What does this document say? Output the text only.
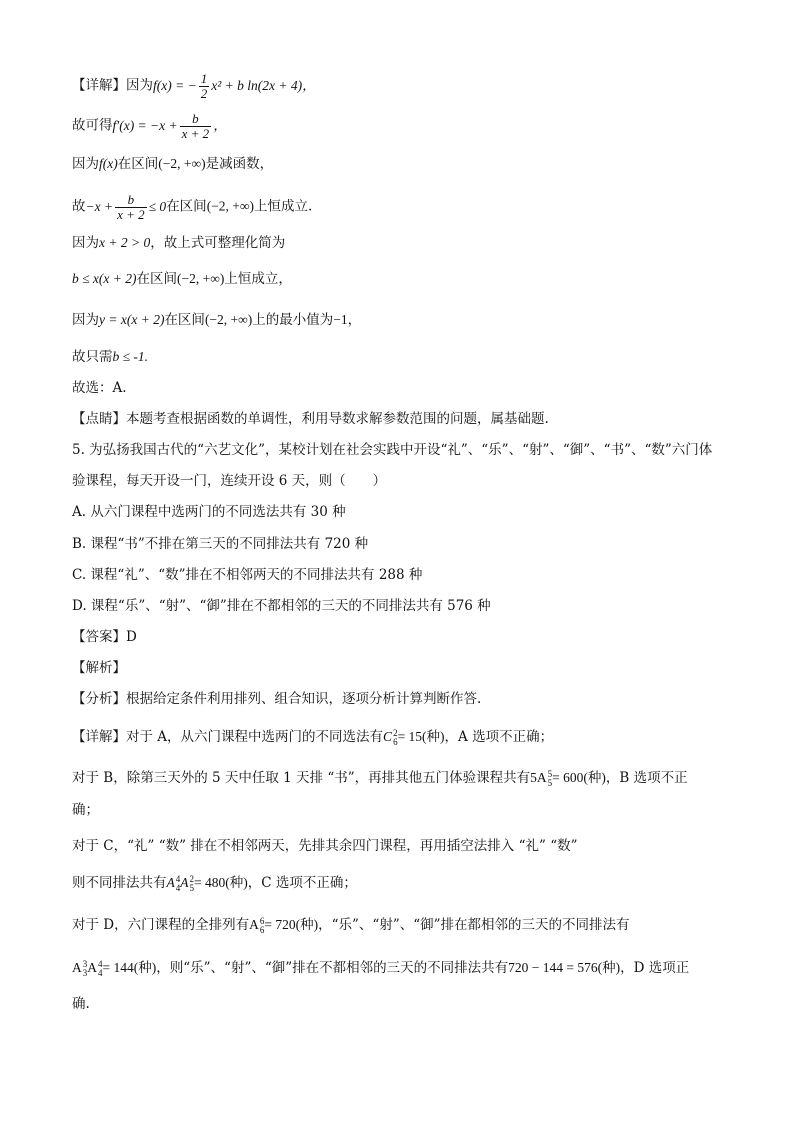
【详解】因为f(x) = − $\frac{1}{2} x^2 + b$ ln(2x + 4)，
故可得$f'(x) = -x + \frac{b}{x + 2}$ ，
因为f(x)在区间(−2, +∞)是减函数，
故$-x + \frac{b}{x + 2} \le 0$在区间(−2, +∞)上恒成立.
因为x + 2 > 0，故上式可整理化简为
b ≤ x(x + 2)在区间(−2, +∞)上恒成立，
因为y = x(x + 2)在区间(−2, +∞)上的最小值为−1，
故只需b ≤ -1.
故选：A.
【点睛】本题考查根据函数的单调性，利用导数求解参数范围的问题，属基础题.
5. 为弘扬我国古代的“六艺文化”，某校计划在社会实践中开设“礼”、“乐”、“射”、“御”、“书”、“数”六门体
验课程，每天开设一门，连续开设 6 天，则（　　）
A. 从六门课程中选两门的不同选法共有 30 种
B. 课程“书”不排在第三天的不同排法共有 720 种
C. 课程“礼”、“数”排在不相邻两天的不同排法共有 288 种
D. 课程“乐”、“射”、“御”排在不都相邻的三天的不同排法共有 576 种
【答案】D
【解析】
【分析】根据给定条件利用排列、组合知识，逐项分析计算判断作答.
【详解】对于 A，从六门课程中选两门的不同选法有C 2
6 = 15(种)，A 选项不正确；
对于 B，除第三天外的 5 天中任取 1 天排 “书”，再排其他五门体验课程共有5A 5
5 = 600(种)，B 选项不正
确；
对于 C，“礼” “数” 排在不相邻两天，先排其余四门课程，再用插空法排入 “礼” “数”
则不同排法共有A 4
4 A 2
5 = 480(种)，C 选项不正确；
对于 D，六门课程的全排列有A 6
6 = 720(种)，“乐”、“射”、“御”排在都相邻的三天的不同排法有
A 3
3 A 4
4 = 144(种)，则“乐”、“射”、“御”排在不都相邻的三天的不同排法共有720 − 144 = 576(种)，D 选项正
确.
